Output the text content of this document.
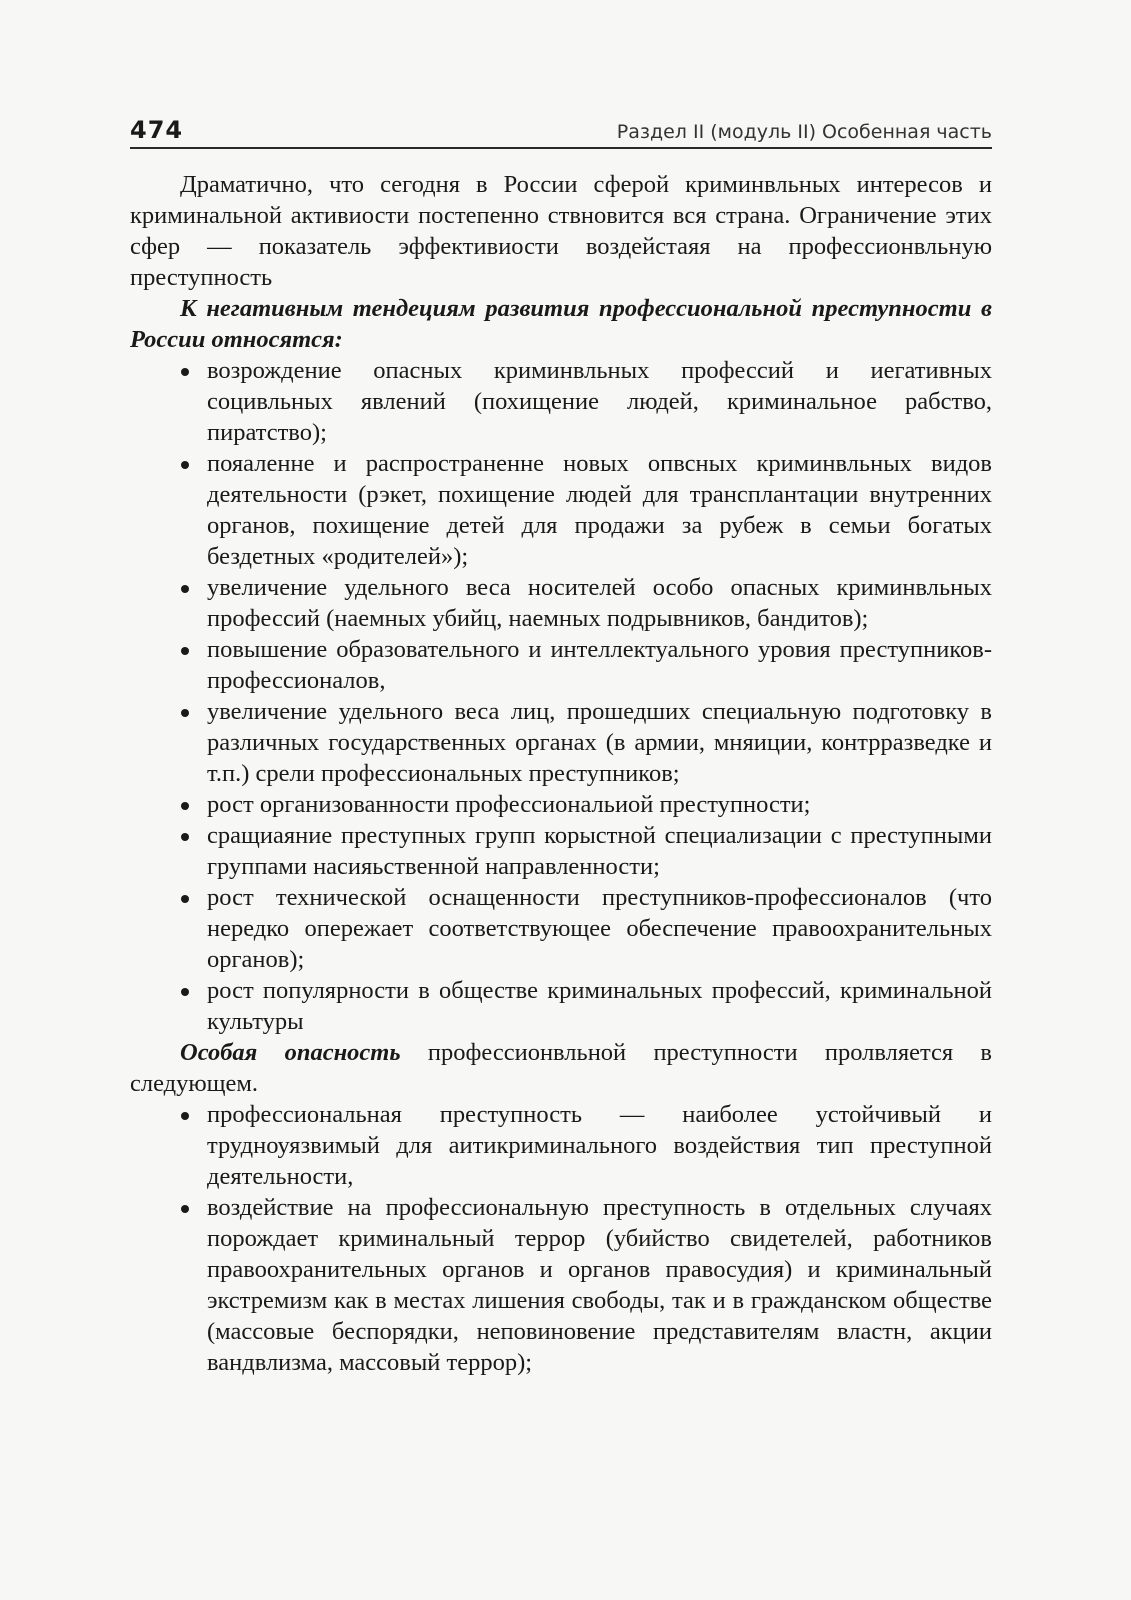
474	Раздел II (модуль II) Особенная часть

Драматично, что сегодня в России сферой криминвльных интересов и криминальной активиости постепенно ствновится вся страна. Ограничение этих сфер — показатель эффективиости воздейстаяя на профессионвльную преступность

К негативным тендециям развития профессиональной преступности в России относятся:

возрождение опасных криминвльных профессий и иегативных социвльных явлений (похищение людей, криминальное рабство, пиратство);
пояаленне и распространенне новых опвсных криминвльных видов деятельности (рэкет, похищение людей для трансплантации внутренних органов, похищение детей для продажи за рубеж в семьи богатых бездетных «родителей»);
увеличение удельного веса носителей особо опасных криминвльных профессий (наемных убийц, наемных подрывников, бандитов);
повышение образовательного и интеллектуального уровия преступников-профессионалов,
увеличение удельного веса лиц, прошедших специальную подготовку в различных государственных органах (в армии, мняиции, контрразведке и т.п.) срели профессиональных преступников;
рост организованности профессиональиой преступности;
сращиаяние преступных групп корыстной специализации с преступными группами насияьственной направленности;
рост технической оснащенности преступников-профессионалов (что нередко опережает соответствующее обеспечение правоохранительных органов);
рост популярности в обществе криминальных профессий, криминальной культуры

Особая опасность профессионвльной преступности пролвляется в следующем.

профессиональная преступность — наиболее устойчивый и трудноуязвимый для аитикриминального воздействия тип преступной деятельности,
воздействие на профессиональную преступность в отдельных случаях порождает криминальный террор (убийство свидетелей, работников правоохранительных органов и органов правосудия) и криминальный экстремизм как в местах лишения свободы, так и в гражданском обществе (массовые беспорядки, неповиновение представителям властн, акции вандвлизма, массовый террор);
